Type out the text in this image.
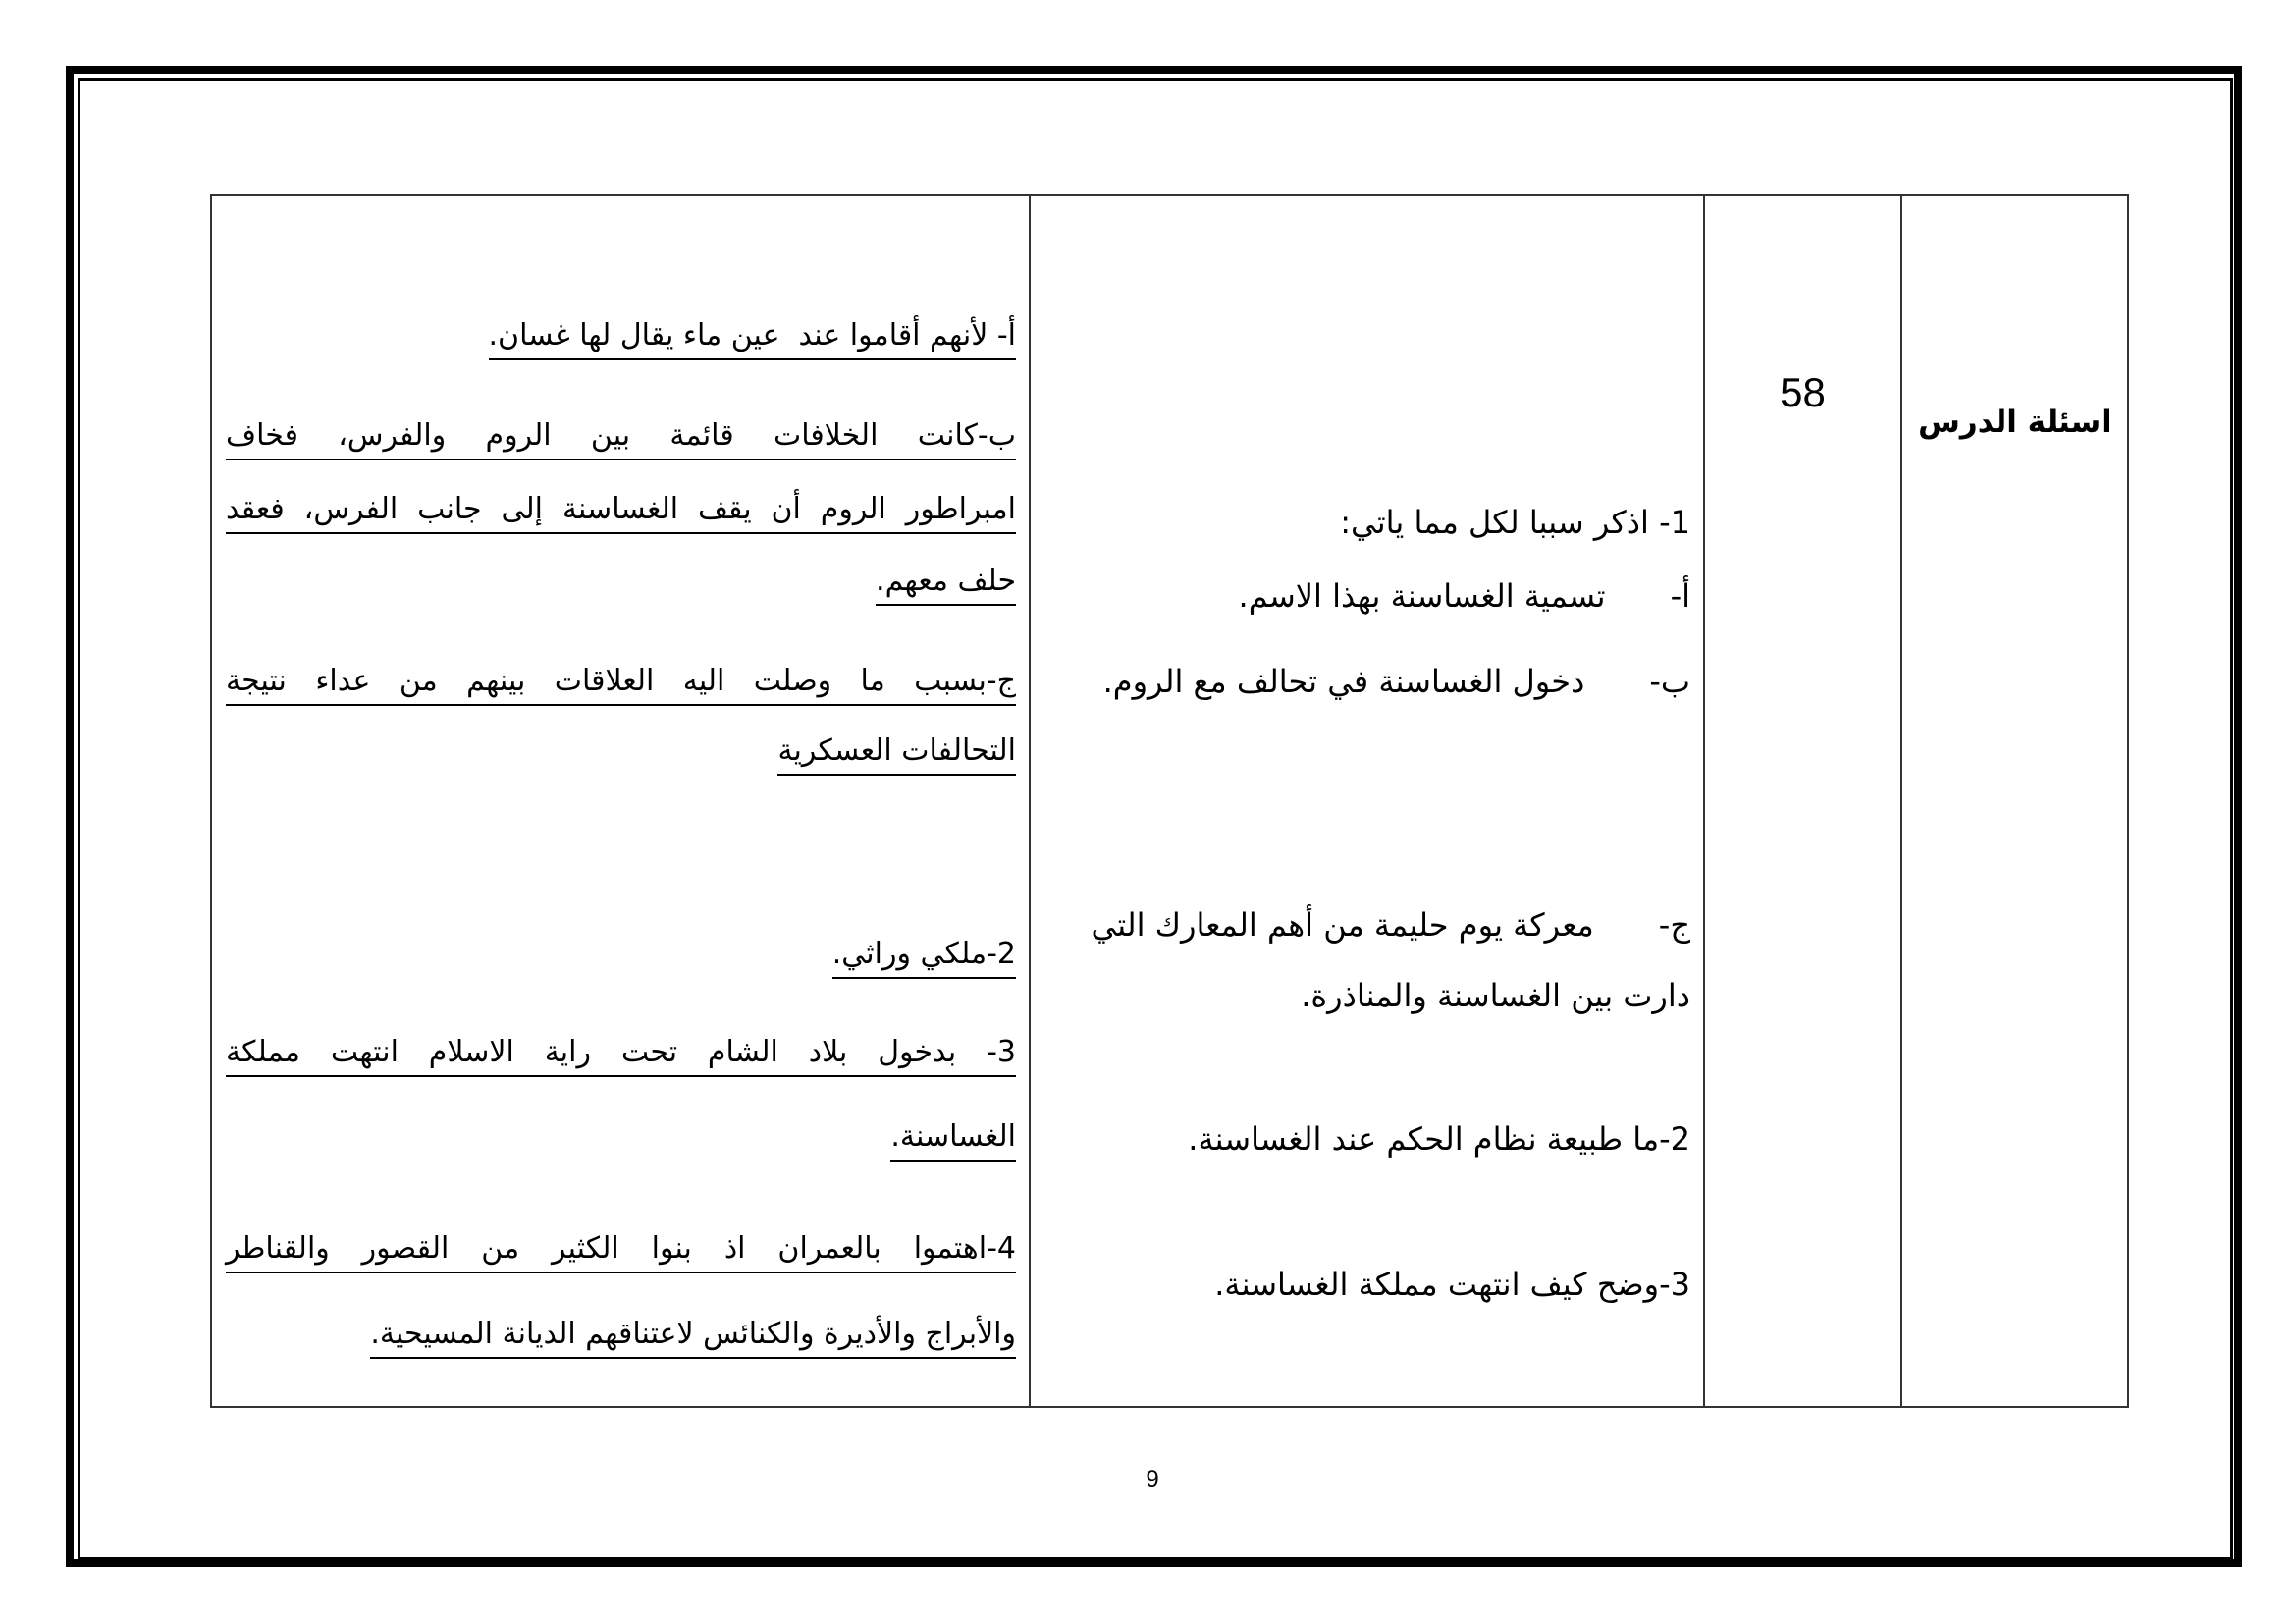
أ- لأنهم أقاموا عند  عين ماء يقال لها غسان.
ب-كانت الخلافات قائمة بين الروم والفرس، فخاف
امبراطور الروم أن يقف الغساسنة إلى جانب الفرس، فعقد
حلف معهم.
ج-بسبب ما وصلت اليه العلاقات بينهم من عداء نتيجة
التحالفات العسكرية
2-ملكي وراثي.
3- بدخول بلاد الشام تحت راية الاسلام انتهت مملكة
الغساسنة.
4-اهتموا بالعمران اذ بنوا الكثير من القصور والقناطر
والأبراج والأديرة والكنائس لاعتناقهم الديانة المسيحية.
1- اذكر سببا لكل مما ياتي:
أ-تسمية الغساسنة بهذا الاسم.
ب-دخول الغساسنة في تحالف مع الروم.
ج-معركة يوم حليمة من أهم المعارك التي
دارت بين الغساسنة والمناذرة.
2-ما طبيعة نظام الحكم عند الغساسنة.
3-وضح كيف انتهت مملكة الغساسنة.
58
اسئلة الدرس
9
